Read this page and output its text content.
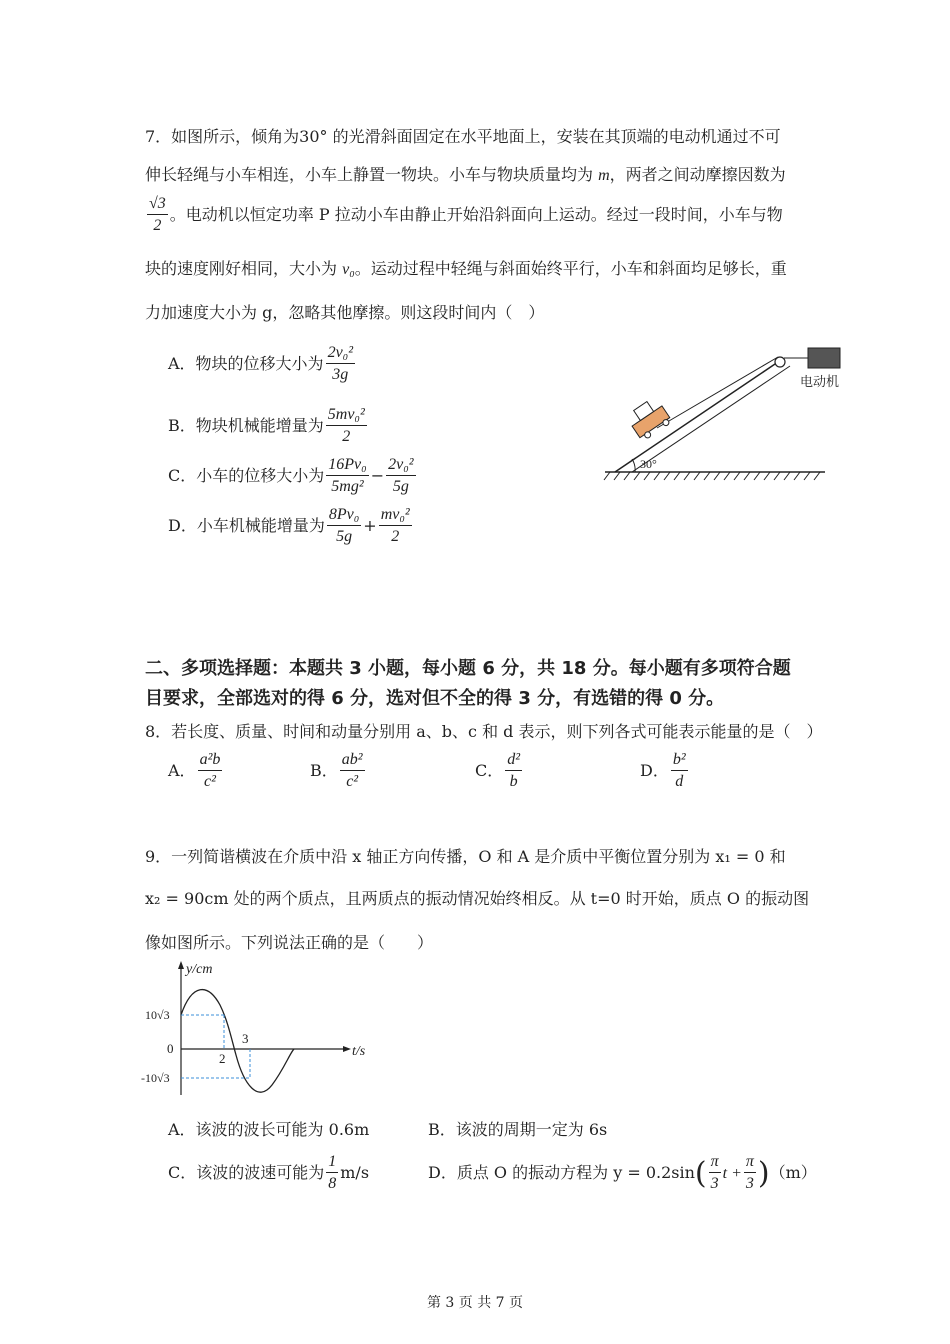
7．如图所示，倾角为30° 的光滑斜面固定在水平地面上，安装在其顶端的电动机通过不可
伸长轻绳与小车相连，小车上静置一物块。小车与物块质量均为 m，两者之间动摩擦因数为
$\frac{√3}{2}$ 。电动机以恒定功率 P 拉动小车由静止开始沿斜面向上运动。经过一段时间，小车与物
块的速度刚好相同，大小为 v₀。运动过程中轻绳与斜面始终平行，小车和斜面均足够长，重
力加速度大小为 g，忽略其他摩擦。则这段时间内（　）
A．物块的位移大小为 $\frac{\text{2v₀²}}{3g}$
B．物块机械能增量为 $\frac{\text{5mv₀²}}{2}$
C．小车的位移大小为 $\frac{\text{16Pv₀}}{\text{5mg²}} - \frac{\text{2v₀²}}{5g}$
D．小车机械能增量为 $\frac{\text{8Pv₀}}{5g} + \frac{\text{mv₀²}}{2}$
电动机
30°
二、多项选择题：本题共 3 小题，每小题 6 分，共 18 分。每小题有多项符合题
目要求，全部选对的得 6 分，选对但不全的得 3 分，有选错的得 0 分。
8．若长度、质量、时间和动量分别用 a、b、c 和 d 表示，则下列各式可能表示能量的是（　）
A． $\frac{\text{a²b}}{\text{c²}}$	B． $\frac{\text{ab²}}{\text{c²}}$	C． $\frac{\text{d²}}{b}$	D． $\frac{\text{b²}}{d}$
9．一列简谐横波在介质中沿 x 轴正方向传播，O 和 A 是介质中平衡位置分别为 x₁ = 0 和
x₂ = 90cm 处的两个质点，且两质点的振动情况始终相反。从 t=0 时开始，质点 O 的振动图
像如图所示。下列说法正确的是（　　）
y/cm
t/s
10√3
0
-10√3
2
3
A．该波的波长可能为 0.6m	B．该波的周期一定为 6s
C．该波的波速可能为 $\frac{1}{8} m/s$	D．质点 O 的振动方程为 $y = 0.2\sin( \frac{\pi}{3}$ $t + \frac{\pi}{3} )(m)$
第 3 页 共 7 页
